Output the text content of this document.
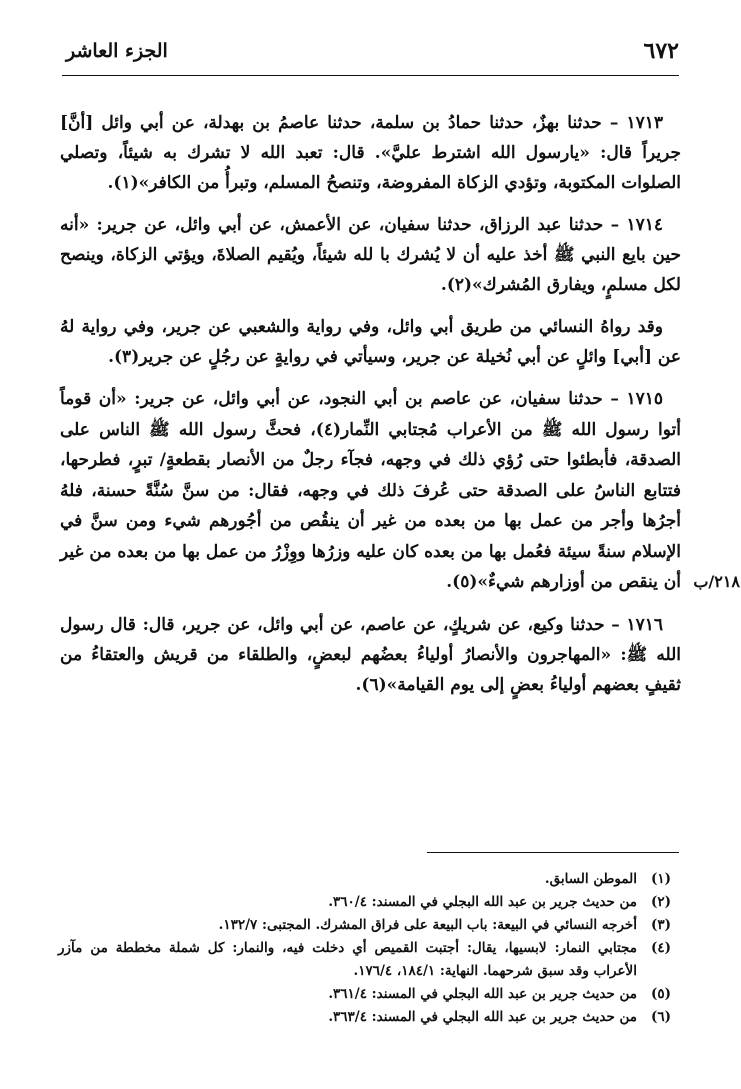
٦٧٢
الجزء العاشر

١٧١٣ – حدثنا بهزٌ، حدثنا حمادُ بن سلمة، حدثنا عاصمُ بن بهدلة، عن أبي وائل [أنَّ] جريراً قال: «يارسول الله اشترط عليَّ». قال: تعبد الله لا تشرك به شيئاً، وتصلي الصلوات المكتوبة، وتؤدي الزكاة المفروضة، وتنصحُ المسلم، وتبرأُ من الكافر»(١).

١٧١٤ – حدثنا عبد الرزاق، حدثنا سفيان، عن الأعمش، عن أبي وائل، عن جرير: «أنه حين بايع النبي ﷺ أخذ عليه أن لا يُشرك با لله شيئاً، ويُقيم الصلاةَ، ويؤتي الزكاة، وينصح لكل مسلمٍ، ويفارق المُشرك»(٢).

وقد رواهُ النسائي من طريق أبي وائل، وفي رواية والشعبي عن جرير، وفي رواية لهُ عن [أبي] وائلٍ عن أبي نُخيلة عن جرير، وسيأتي في روايةٍ عن رجُلٍ عن جرير(٣).

١٧١٥ – حدثنا سفيان، عن عاصم بن أبي النجود، عن أبي وائل، عن جرير: «أن قوماً أتوا رسول الله ﷺ من الأعراب مُجتابي النِّمار(٤)، فحثَّ رسول الله ﷺ الناس على الصدقة، فأبطئوا حتى رُؤي ذلك في وجهه، فجآء رجلٌ من الأنصار بقطعةٍ/ تبرٍ، فطرحها، فتتابع الناسُ على الصدقة حتى عُرفَ ذلك في وجهه، فقال: من سنَّ سُنَّةً حسنة، فلهُ أجرُها وأجر من عمل بها من بعده من غير أن ينقُص من أجُورهم شيء ومن سنَّ في الإسلام سنةً سيئة فعُمل بها من بعده كان عليه وزرُها ووِزْرُ من عمل بها من بعده من غير أن ينقص من أوزارهم شيءٌ»(٥).

١٧١٦ – حدثنا وكيع، عن شريكٍ، عن عاصم، عن أبي وائل، عن جرير، قال: قال رسول الله ﷺ: «المهاجرون والأنصارُ أولياءُ بعضُهم لبعضٍ، والطلقاء من قريش والعتقاءُ من ثقيفٍ بعضهم أولياءُ بعضٍ إلى يوم القيامة»(٦).

٢١٨/ب
(١)
الموطن السابق.
(٢)
من حديث جرير بن عبد الله البجلي في المسند: ٣٦٠/٤.
(٣)
أخرجه النسائي في البيعة: باب البيعة على فراق المشرك. المجتبى: ١٣٢/٧.
(٤)
مجتابي النمار: لابسيها، يقال: أجتبت القميص أي دخلت فيه، والنمار: كل شملة مخططة من مآزر الأعراب وقد سبق شرحهما. النهاية: ١٨٤/١، ١٧٦/٤.
(٥)
من حديث جرير بن عبد الله البجلي في المسند: ٣٦١/٤.
(٦)
من حديث جرير بن عبد الله البجلي في المسند: ٣٦٣/٤.
